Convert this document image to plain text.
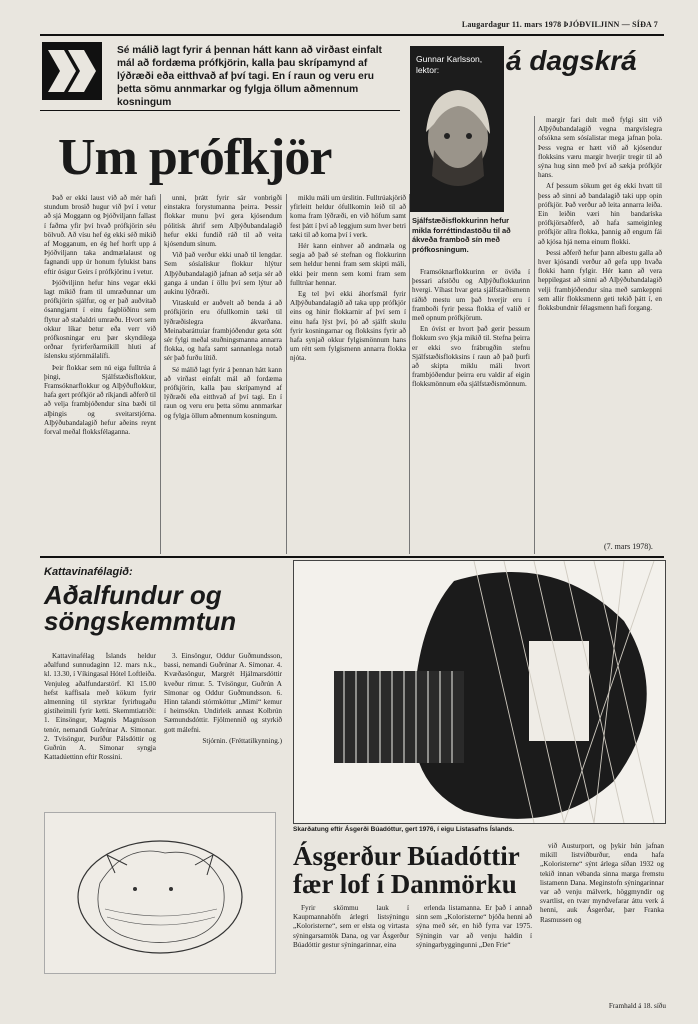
Laugardagur 11. mars 1978 ÞJÓÐVILJINN — SÍÐA 7
Sé málið lagt fyrir á þennan hátt kann að virðast einfalt mál að fordæma prófkjörin, kalla þau skrípamynd af lýðræði eða eitthvað af því tagi. En í raun og veru eru þetta sömu annmarkar og fylgja öllum aðmennum kosningum
Gunnar Karlsson, lektor:	á dagskrá
Um prófkjör
Sjálfstæðisflokkurinn hefur mikla forréttindastöðu til að ákveða framboð sín með prófkosningum.

Það er ekki laust við að mér hafi stundum brosið hugur við því í vetur að sjá Moggann og Þjóðviljann fallast í faðma yfir því hvað prófkjörin séu bölvuð. Að vísu hef ég ekki séð mikið af Mogganum, en ég hef horft upp á Þjóðviljann taka andmælalaust og fagnandi upp úr honum fylukist bans eftir ósigur Geirs í prófkjörinu í vetur.

Þjóðviljinn hefur hins vegar ekki lagt mikið fram til umræðunnar um prófkjörin sjálfur, og er það auðvitað ósanngjarnt í einu fagblöðinu sem flytur að staðaldri umræðu. Hvort sem okkur líkar betur eða verr við prófkosningar eru þær skyndilega orðnar fyrirferðarmikill hluti af íslensku stjórnmálalífi.

Þeir flokkar sem nú eiga fulltrúa á þingi, Sjálfstæðisflokkur, Framsóknarflokkur og Alþýðuflokkur, hafa gert prófkjör að ríkjandi aðferð til að velja frambjóðendur sína bæði til alþingis og sveitarstjórna. Alþýðubandalagið hefur aðeins reynt forval meðal flokksfélaganna.

unni, þrátt fyrir sár vonbrigði einstakra forystumanna þeirra. Þessir flokkar munu því gera kjósendum pólitísk áhrif sem Alþýðubandalagið hefur ekki fundið ráð til að veita kjósendum sínum.

Við það verður ekki unað til lengdar. Sem sósíalískur flokkur hlýtur Alþýðubandalagið jafnan að setja sér að ganga á undan í öllu því sem lýtur að aukinu lýðræði.

Vitaskuld er auðvelt að benda á að prófkjörin eru ófullkomin tæki til lýðræðislegra ákvarðana. Meinabaráttuíar frambjóðendur geta sótt sér fylgi meðal stuðningsmanna annarra flokka, og hafa samt sannanlega notað sér það furðu lítið.

Sé málið lagt fyrir á þennan hátt kann að virðast einfalt mál að fordæma prófkjörin, kalla þau skrípamynd af lýðræði eða eitthvað af því tagi. En í raun og veru eru þetta sömu annmarkar og fylgja öllum aðmennum kosningum.

miklu máli um úrslitin. Fulltrúakjörið yfirleitt heldur ófullkomin leið til að koma fram lýðræði, en við höfum samt fest þátt í því að leggjum sum hver betri tæki til að koma því í verk.

Hér kann einhver að andmæla og segja að það sé stefnan og flokkurinn sem heldur henni fram sem skipti máli, ekki þeir menn sem komi fram sem fulltrúar hennar.

Eg tel því ekki áhorfsmál fyrir Alþýðubandalagið að taka upp prófkjör eins og hinir flokkarnir af því sem í einu hafa lýst því, þó að sjálft skulu fyrir kosningarnar og flokksins fyrir að hafa synjað okkur fylgismönnum hans um rétt sem fylgismenn annarra flokka njóta.

Framsóknarflokkurinn er öviða í þessari afstöðu og Alþýðuflokkurinn hvergi. Víhast hvar geta sjálfstæðismenn ráðið mestu um það hverjir eru í framboði fyrir þessa flokka ef valið er með opnum prófkjörum.

En óvíst er hvort það gerir þessum flokkum svo ýkja mikið til. Stefna þeirra er ekki svo frábrugðin stefnu Sjálfstæðisflokksins í raun að það þurfi að skipta miklu máli hvort frambjóðendur þeirra eru valdir af eigin flokksmönnum eða sjálfstæðismönnum.

margir fari dult með fylgi sitt við Alþýðubandalagið vegna margvíslegra ofsókna sem sósíalistar mega jafnan þola. Þess vegna er hætt við að kjósendur flokksins væru margir hverjir tregir til að sýna hug sinn með því að sækja prófkjör hans.

Af þessum sökum get ég ekki hvatt til þess að sinni að bandalagið taki upp opin prófkjör. Það verður að leita annarra leiða. Ein leiðin væri hin bandaríska prófkjörsaðferð, að hafa sameiginleg prófkjör allra flokka, þannig að engum fái að kjósa hjá nema einum flokki.

Þessi aðferð hefur þann albestu galla að hver kjósandi verður að gefa upp hvaða flokki hann fylgir. Hér kann að vera heppilegast að sinni að Alþýðubandalagið velji frambjóðendur sína með samkeppni sem allir flokksmenn geti tekið þátt í, en flokksbundnir félagsmenn hafi forgang.

(7. mars 1978).
Kattavinafélagið:
Aðalfundur og söngskemmtun

Kattavinafélag Íslands heldur aðalfund sunnudaginn 12. mars n.k., kl. 13.30, í Víkingasal Hótel Loftleiða. Venjuleg aðalfundarstörf. Kl 15.00 hefst kaffisala með kökum fyrir almenning til styrktar fyrirhugaðu gistiheimili fyrir ketti. Skemmtiatriði: 1. Einsöngur, Magnús Magnússon tenór, nemandi Guðrúnar A. Símonar. 2. Tvísöngur, Þuríður Pálsdóttir og Guðrún A. Símonar syngja Kattadúettinn eftir Rossini.

3. Einsöngur, Oddur Guðmundsson, bassi, nemandi Guðrúnar A. Símonar. 4. Kvæðasöngur, Margrét Hjálmarsdóttir kveður rímur. 5. Tvísöngur, Guðrún A Símonar og Oddur Guðmundsson. 6. Hinn talandi stórmkóttur „Mimi“ kemur í heimsókn. Undirleik annast Kolbrún Sæmundsdóttir. Fjölmennið og styrkið gott málefni.

Stjórnin. (Fréttatilkynning.)

Skarðatung eftir Ásgerði Búadóttur, gert 1976, í eigu Listasafns Íslands.
Ásgerður Búadóttir fær lof í Danmörku

Fyrir skömmu lauk í Kaupmannahöfn árlegri listsýningu „Koloristerne“, sem er elsta og virtasta sýningarsamtök Dana, og var Ásgerður Búadóttir gestur sýningarinnar, eina

erlenda listamanna. Er það í annað sinn sem „Koloristerne“ bjóða henni að sýna með sér, en hið fyrra var 1975. Sýningin var að venju haldin í sýningarbyggingunni „Den Frie“

við Austurport, og þykir hún jafnan mikill listviðburður, enda hafa „Koloristerne“ sýnt árlega síðan 1932 og tekið innan vébanda sinna marga fremstu listamenn Dana. Meginstofn sýningarinnar var að venju málverk, höggmyndir og svartlist, en tvær myndvefarar áttu verk á henni, auk Ásgerðar, þær Franka Rasmussen og

Framhald á 18. síðu
